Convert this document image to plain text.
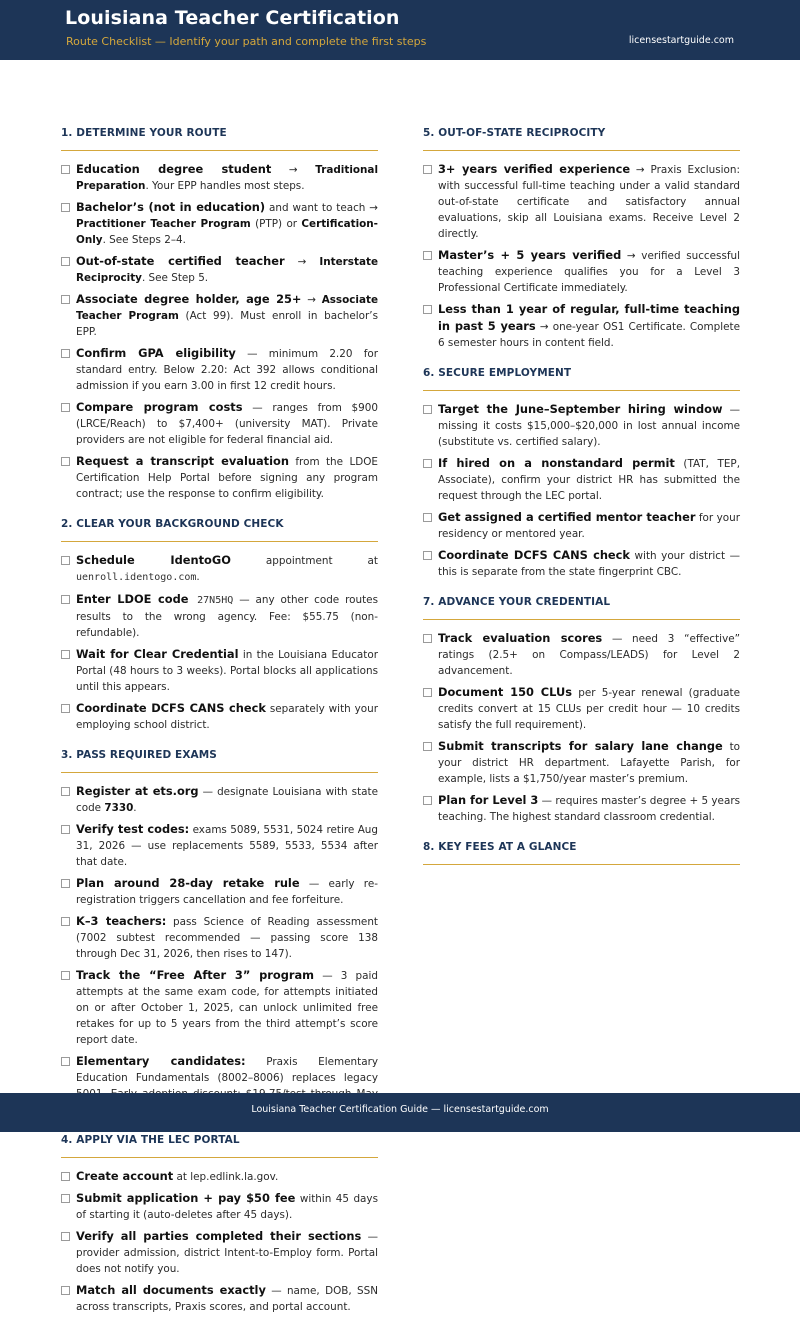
Louisiana Teacher Certification
Route Checklist — Identify your path and complete the first steps	licensestartguide.com
1. DETERMINE YOUR ROUTE
Education degree student → Traditional Preparation. Your EPP handles most steps.
Bachelor’s (not in education) and want to teach → Practitioner Teacher Program (PTP) or Certification-Only. See Steps 2–4.
Out-of-state certified teacher → Interstate Reciprocity. See Step 5.
Associate degree holder, age 25+ → Associate Teacher Program (Act 99). Must enroll in bachelor’s EPP.
Confirm GPA eligibility — minimum 2.20 for standard entry. Below 2.20: Act 392 allows conditional admission if you earn 3.00 in first 12 credit hours.
Compare program costs — ranges from $900 (LRCE/Reach) to $7,400+ (university MAT). Private providers are not eligible for federal financial aid.
Request a transcript evaluation from the LDOE Certification Help Portal before signing any program contract; use the response to confirm eligibility.
2. CLEAR YOUR BACKGROUND CHECK
Schedule IdentoGO appointment at uenroll.identogo.com.
Enter LDOE code 27N5HQ — any other code routes results to the wrong agency. Fee: $55.75 (non-refundable).
Wait for Clear Credential in the Louisiana Educator Portal (48 hours to 3 weeks). Portal blocks all applications until this appears.
Coordinate DCFS CANS check separately with your employing school district.
3. PASS REQUIRED EXAMS
Register at ets.org — designate Louisiana with state code 7330.
Verify test codes: exams 5089, 5531, 5024 retire Aug 31, 2026 — use replacements 5589, 5533, 5534 after that date.
Plan around 28-day retake rule — early re-registration triggers cancellation and fee forfeiture.
K–3 teachers: pass Science of Reading assessment (7002 subtest recommended — passing score 138 through Dec 31, 2026, then rises to 147).
Track the “Free After 3” program — 3 paid attempts at the same exam code, for attempts initiated on or after October 1, 2025, can unlock unlimited free retakes for up to 5 years from the third attempt’s score report date.
Elementary candidates: Praxis Elementary Education Fundamentals (8002–8006) replaces legacy
4. APPLY VIA THE LEC PORTAL
Create account at lep.edlink.la.gov.
Submit application + pay $50 fee within 45 days of starting it (auto-deletes after 45 days).
Verify all parties completed their sections — provider admission, district Intent-to-Employ form. Portal does not notify you.
Match all documents exactly — name, DOB, SSN across transcripts, Praxis scores, and portal account.
5. OUT-OF-STATE RECIPROCITY
3+ years verified experience → Praxis Exclusion: with successful full-time teaching under a valid standard out-of-state certificate and satisfactory annual evaluations, skip all Louisiana exams. Receive Level 2 directly.
Master’s + 5 years verified → verified successful teaching experience qualifies you for a Level 3 Professional Certificate immediately.
Less than 1 year of regular, full-time teaching in past 5 years → one-year OS1 Certificate. Complete 6 semester hours in content field.
6. SECURE EMPLOYMENT
Target the June–September hiring window — missing it costs $15,000–$20,000 in lost annual income (substitute vs. certified salary).
If hired on a nonstandard permit (TAT, TEP, Associate), confirm your district HR has submitted the request through the LEC portal.
Get assigned a certified mentor teacher for your residency or mentored year.
Coordinate DCFS CANS check with your district — this is separate from the state fingerprint CBC.
7. ADVANCE YOUR CREDENTIAL
Track evaluation scores — need 3 “effective” ratings (2.5+ on Compass/LEADS) for Level 2 advancement.
Document 150 CLUs per 5-year renewal (graduate credits convert at 15 CLUs per credit hour — 10 credits satisfy the full requirement).
Submit transcripts for salary lane change to your district HR department. Lafayette Parish, for example, lists a $1,750/year master’s premium.
Plan for Level 3 — requires master’s degree + 5 years teaching. The highest standard classroom credential.
8. KEY FEES AT A GLANCE
Louisiana Teacher Certification Guide — licensestartguide.com
